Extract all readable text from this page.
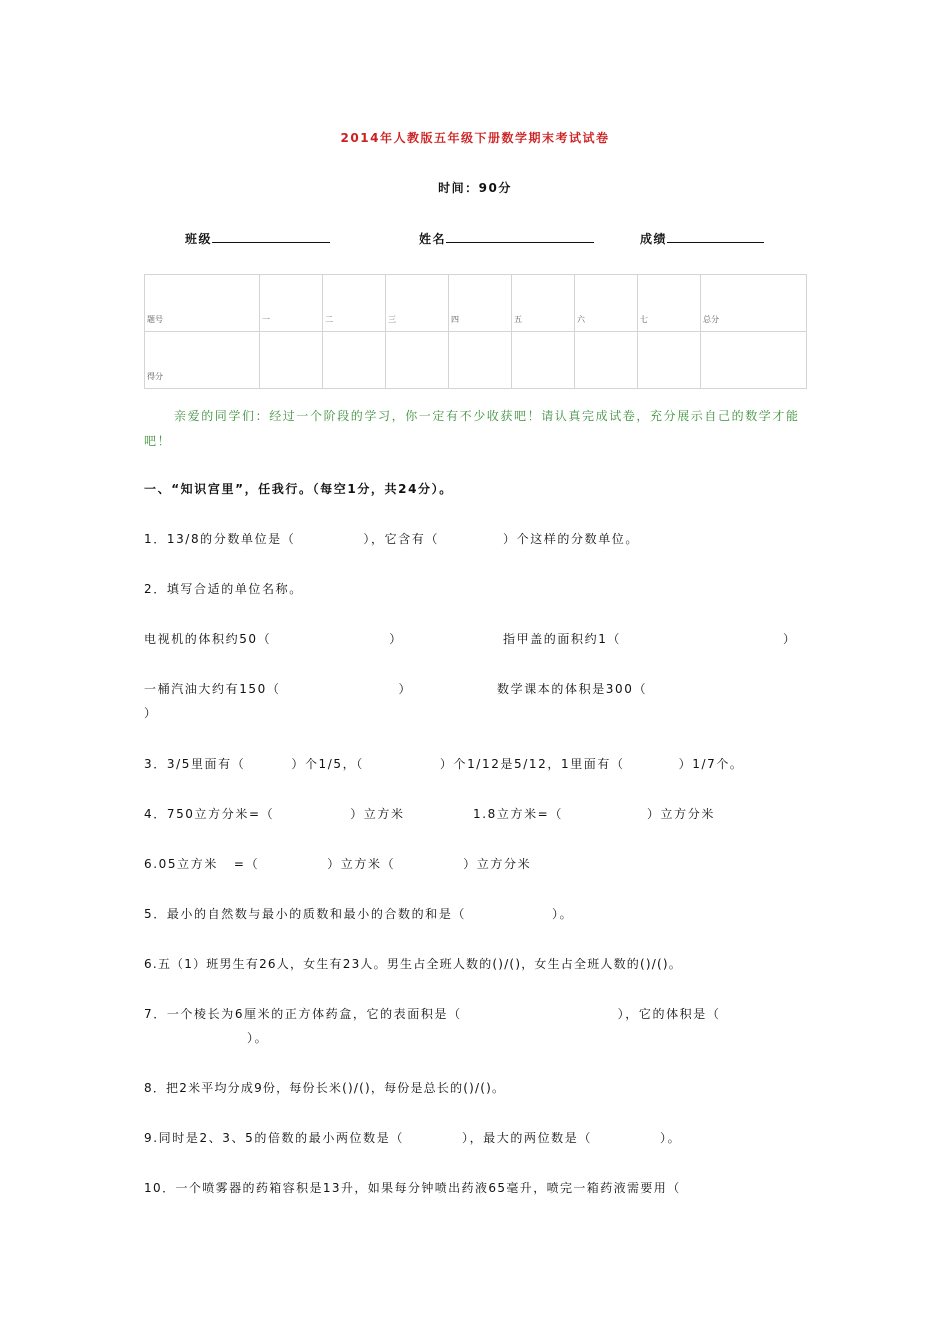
2014年人教版五年级下册数学期末考试试卷
时间：90分
班级	姓名	成绩
题号	一	二	三	四	五	六	七	总分
得分								
亲爱的同学们：经过一个阶段的学习，你一定有不少收获吧！请认真完成试卷，充分展示自己的数学才能吧！
一、“知识宫里”，任我行。（每空1分，共24分）。
1．13/8的分数单位是（	），它含有（	）个这样的分数单位。
2．填写合适的单位名称。
电视机的体积约50（	）	指甲盖的面积约1（	）
一桶汽油大约有150（	）	数学课本的体积是300（
）
3．3/5里面有（	）个1/5，（	）个1/12是5/12，1里面有（	）1/7个。
4．750立方分米=（	）立方米	1.8立方米=（	）立方分米
6.05立方米 =（	）立方米（	）立方分米
5．最小的自然数与最小的质数和最小的合数的和是（	）。
6.五（1）班男生有26人，女生有23人。男生占全班人数的()/()，女生占全班人数的()/()。
7．一个棱长为6厘米的正方体药盒，它的表面积是（	），它的体积是（
）。
8．把2米平均分成9份，每份长米()/()，每份是总长的()/()。
9.同时是2、3、5的倍数的最小两位数是（	），最大的两位数是（	）。
10．一个喷雾器的药箱容积是13升，如果每分钟喷出药液65毫升，喷完一箱药液需要用（
